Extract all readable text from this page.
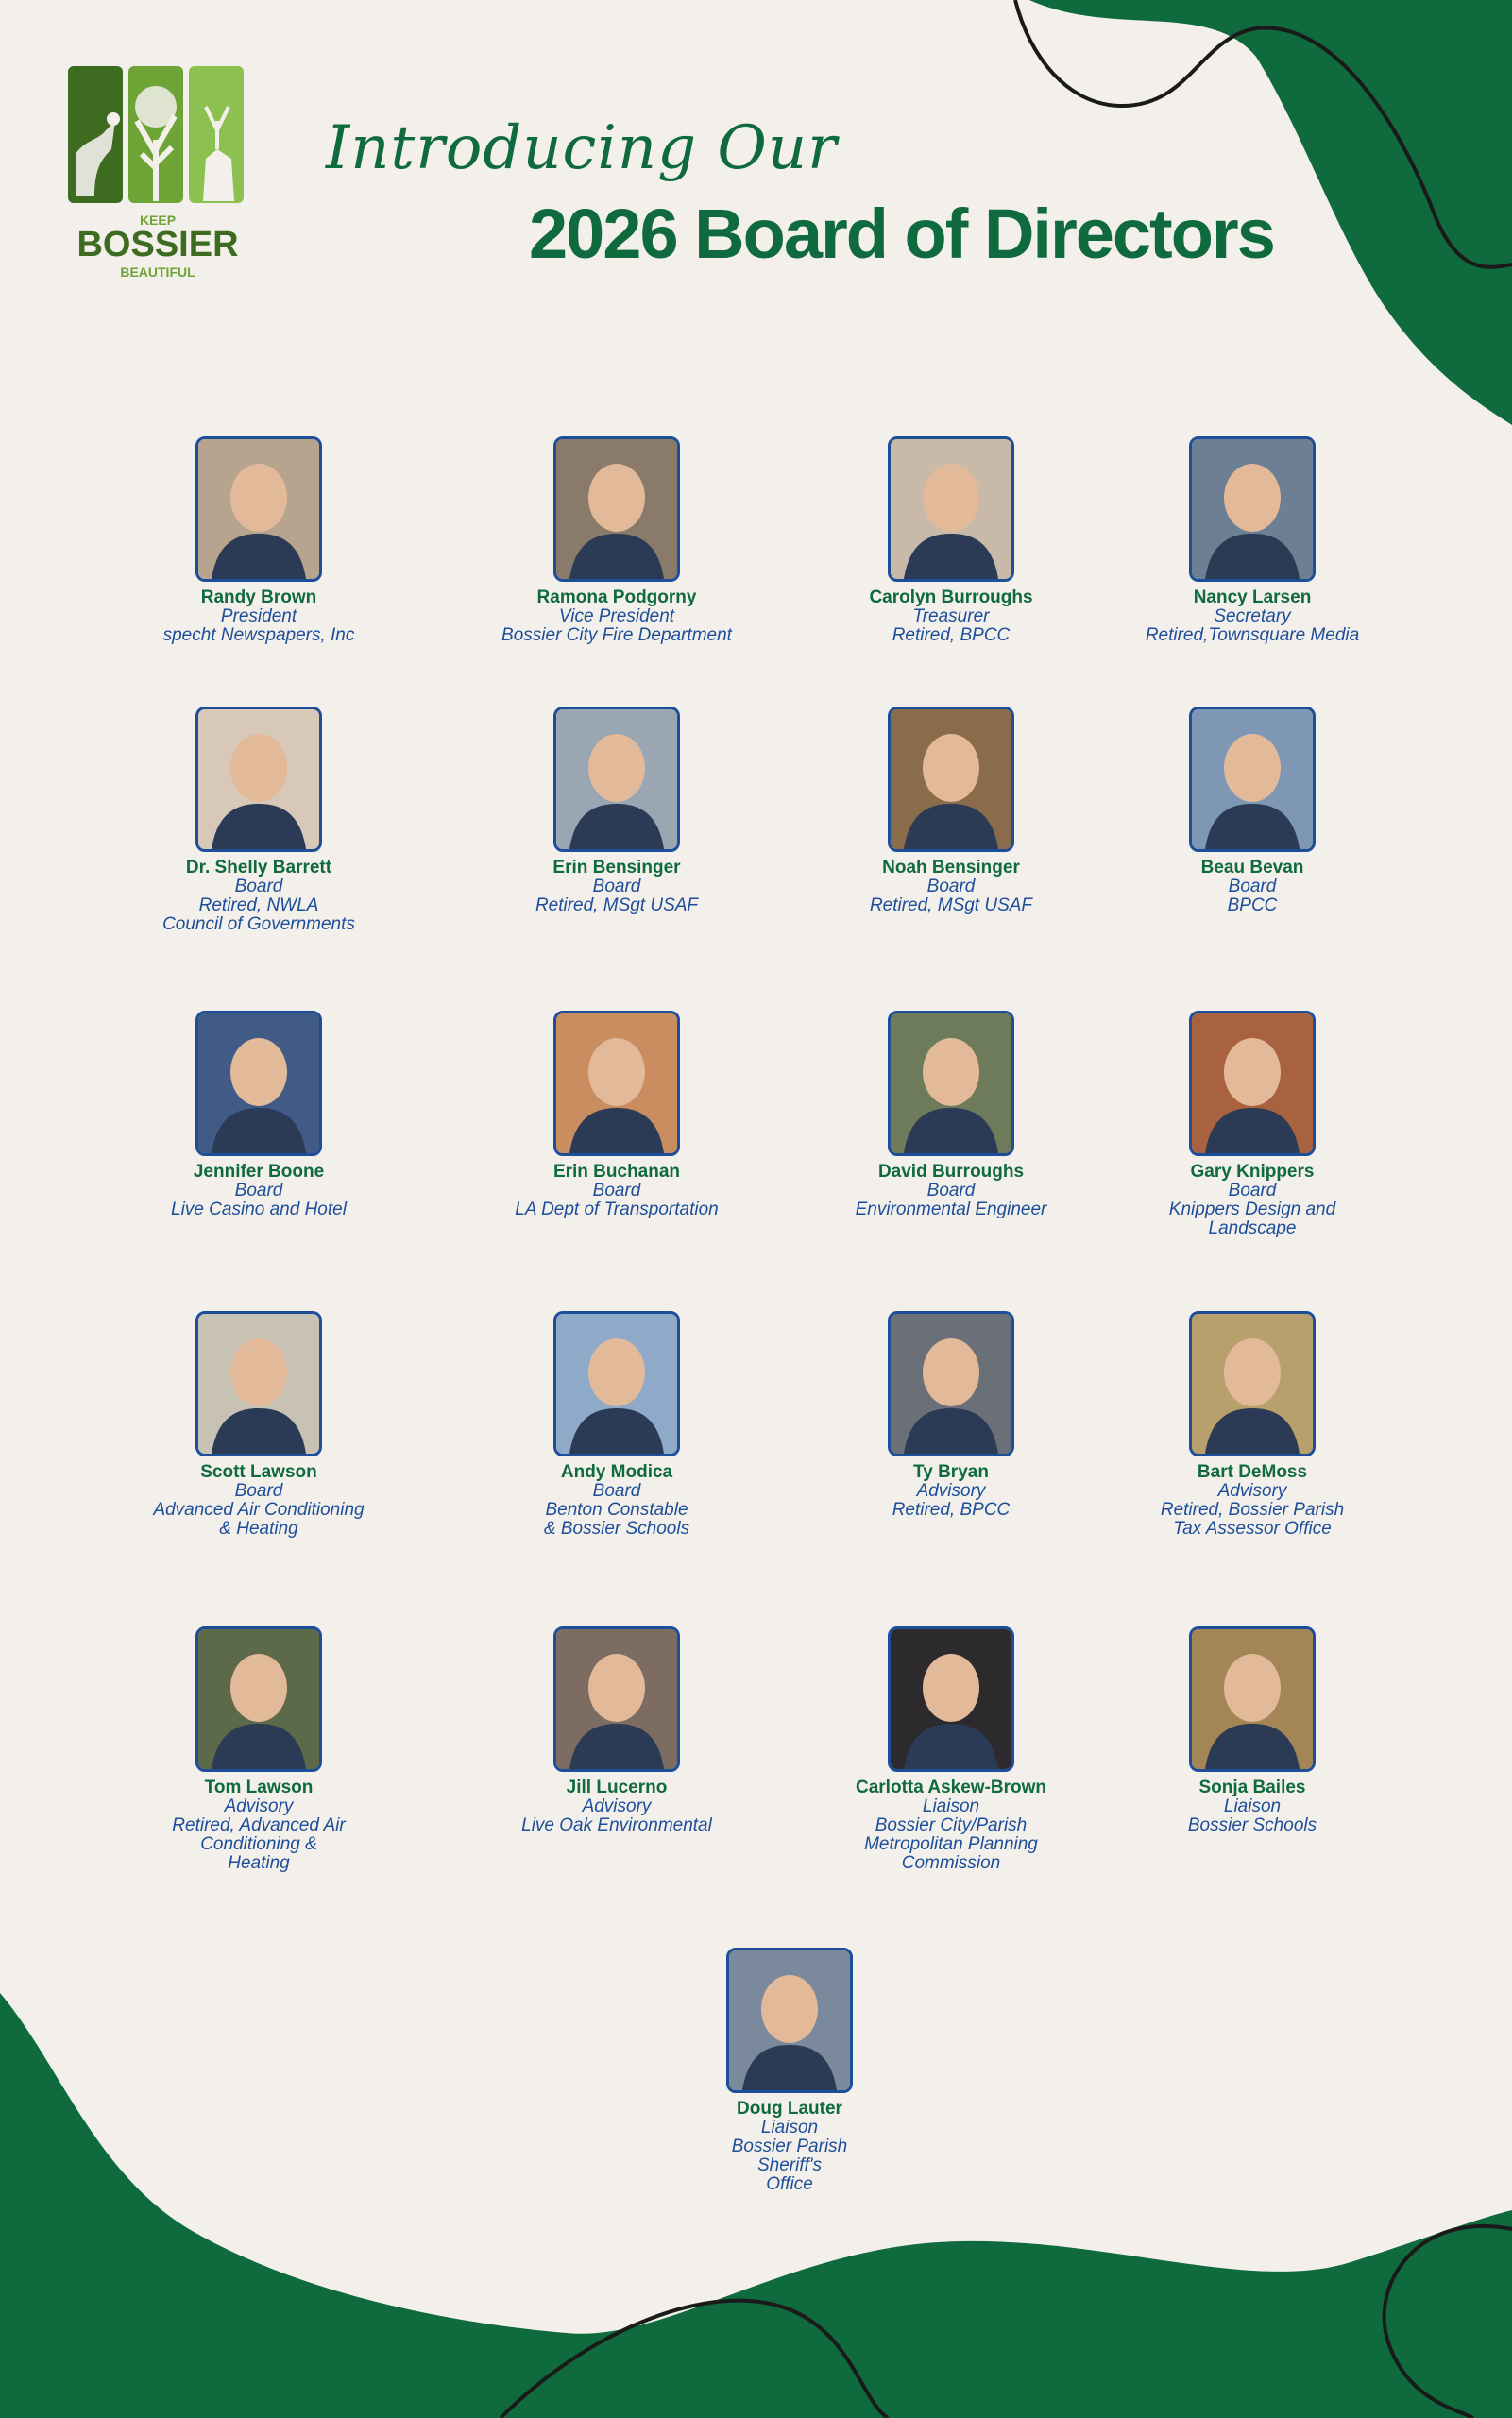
KEEP
BOSSIER
BEAUTIFUL
Introducing Our
2026 Board of Directors
Randy Brown
President
specht Newspapers, Inc
Ramona Podgorny
Vice President
Bossier City Fire Department
Carolyn Burroughs
Treasurer
Retired, BPCC
Nancy Larsen
Secretary
Retired,Townsquare Media
Dr. Shelly Barrett
Board
Retired, NWLA
Council of Governments
Erin Bensinger
Board
Retired, MSgt USAF
Noah Bensinger
Board
Retired, MSgt USAF
Beau Bevan
Board
BPCC
Jennifer Boone
Board
Live Casino and Hotel
Erin Buchanan
Board
LA Dept of Transportation
David Burroughs
Board
Environmental Engineer
Gary Knippers
Board
Knippers Design and
Landscape
Scott Lawson
Board
Advanced Air Conditioning
& Heating
Andy Modica
Board
Benton Constable
& Bossier Schools
Ty Bryan
Advisory
Retired, BPCC
Bart DeMoss
Advisory
Retired, Bossier Parish
Tax Assessor Office
Tom Lawson
Advisory
Retired, Advanced Air
Conditioning &
Heating
Jill Lucerno
Advisory
Live Oak Environmental
Carlotta Askew-Brown
Liaison
Bossier City/Parish
Metropolitan Planning
Commission
Sonja Bailes
Liaison
Bossier Schools
Doug Lauter
Liaison
Bossier Parish
Sheriff's
Office
